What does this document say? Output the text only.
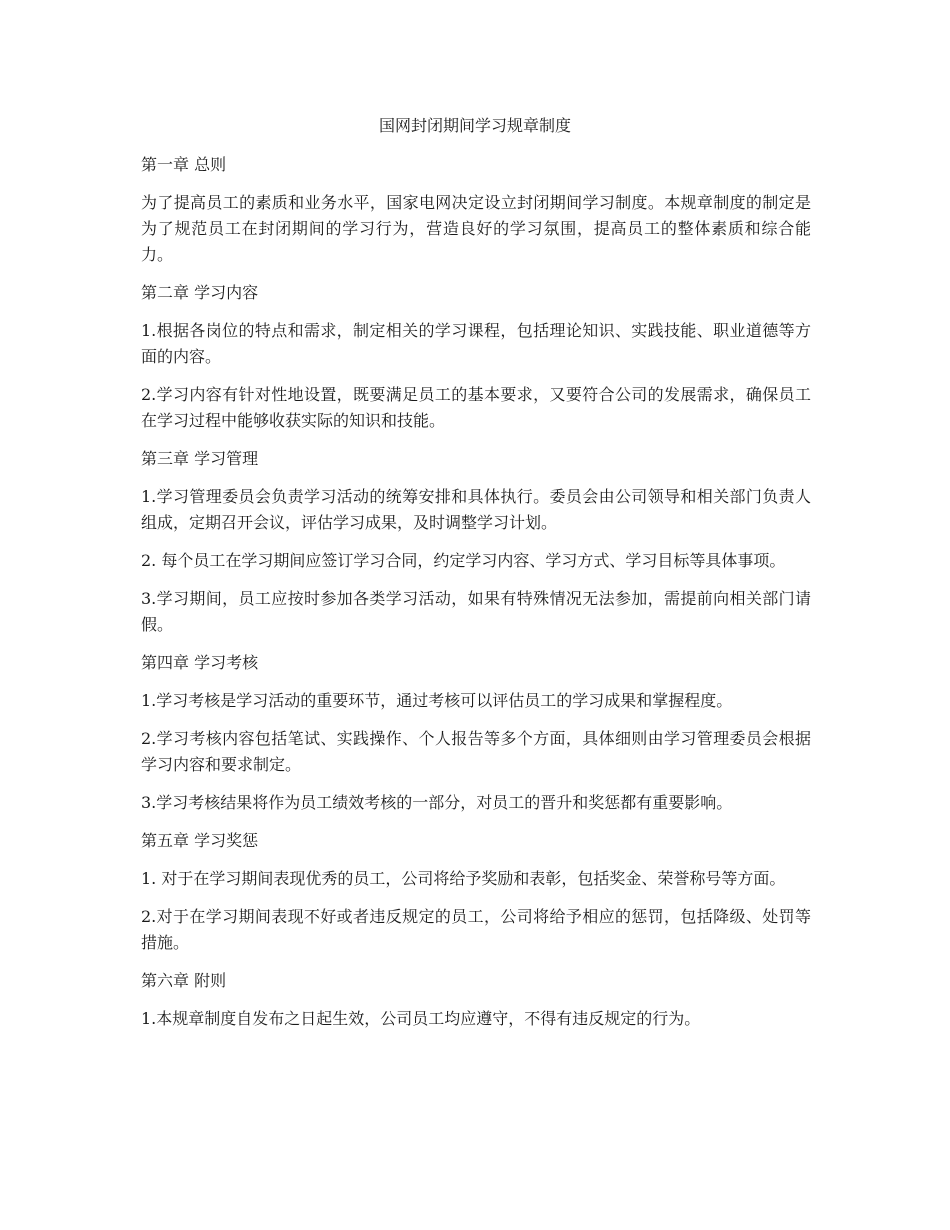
国网封闭期间学习规章制度

第一章 总则

为了提高员工的素质和业务水平，国家电网决定设立封闭期间学习制度。本规章制度的制定是为了规范员工在封闭期间的学习行为，营造良好的学习氛围，提高员工的整体素质和综合能力。

第二章 学习内容

1.根据各岗位的特点和需求，制定相关的学习课程，包括理论知识、实践技能、职业道德等方面的内容。

2.学习内容有针对性地设置，既要满足员工的基本要求，又要符合公司的发展需求，确保员工在学习过程中能够收获实际的知识和技能。

第三章 学习管理

1.学习管理委员会负责学习活动的统筹安排和具体执行。委员会由公司领导和相关部门负责人组成，定期召开会议，评估学习成果，及时调整学习计划。

2. 每个员工在学习期间应签订学习合同，约定学习内容、学习方式、学习目标等具体事项。

3.学习期间，员工应按时参加各类学习活动，如果有特殊情况无法参加，需提前向相关部门请假。

第四章 学习考核

1.学习考核是学习活动的重要环节，通过考核可以评估员工的学习成果和掌握程度。

2.学习考核内容包括笔试、实践操作、个人报告等多个方面，具体细则由学习管理委员会根据学习内容和要求制定。

3.学习考核结果将作为员工绩效考核的一部分，对员工的晋升和奖惩都有重要影响。

第五章 学习奖惩

1. 对于在学习期间表现优秀的员工，公司将给予奖励和表彰，包括奖金、荣誉称号等方面。

2.对于在学习期间表现不好或者违反规定的员工，公司将给予相应的惩罚，包括降级、处罚等措施。

第六章 附则

1.本规章制度自发布之日起生效，公司员工均应遵守，不得有违反规定的行为。
